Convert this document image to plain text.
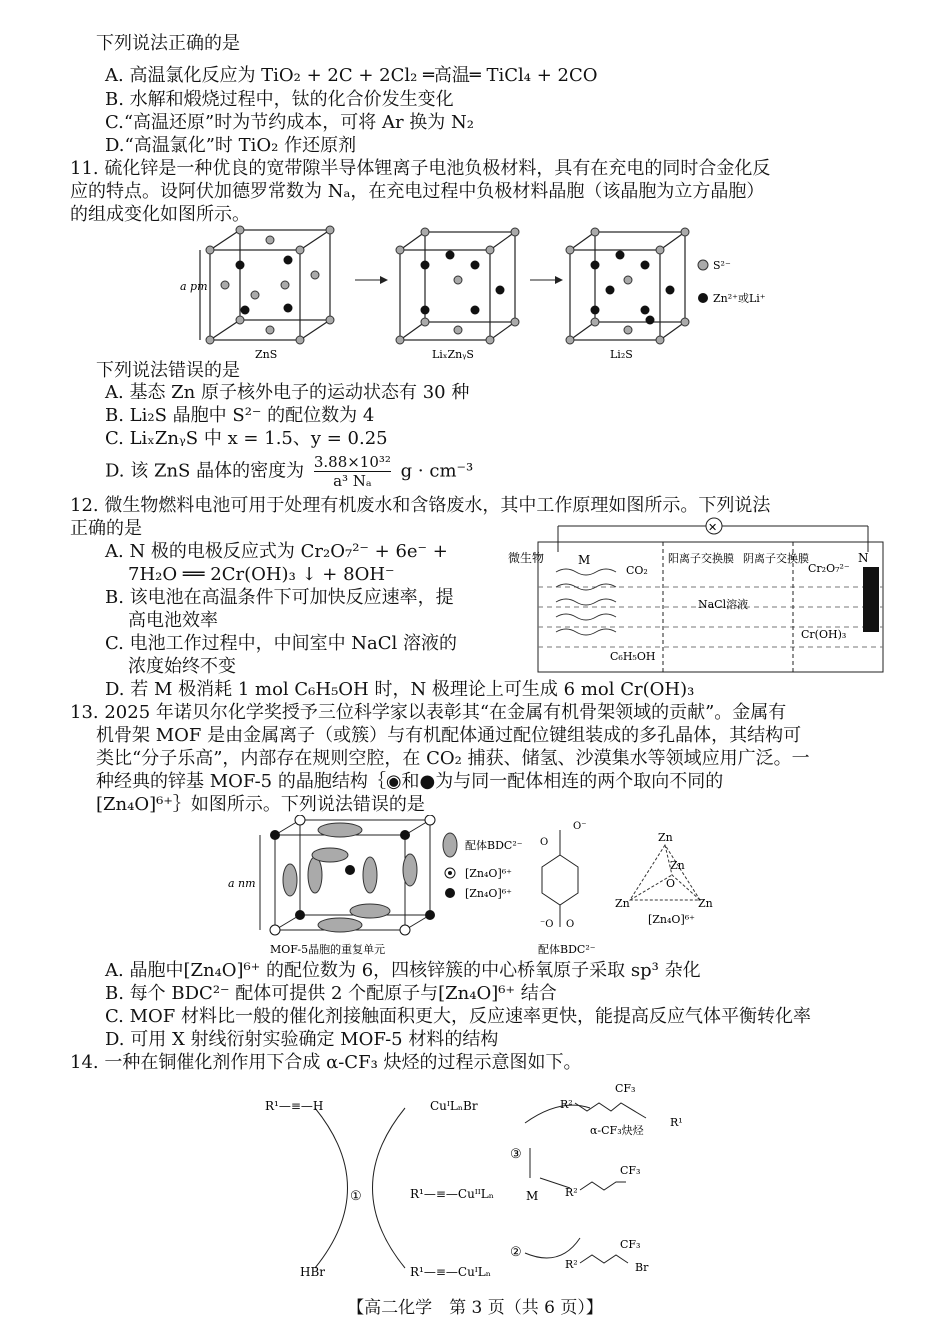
下列说法正确的是
A. 高温氯化反应为 TiO₂ + 2C + 2Cl₂ ═高温═ TiCl₄ + 2CO
B. 水解和煅烧过程中，钛的化合价发生变化
C.“高温还原”时为节约成本，可将 Ar 换为 N₂
D.“高温氯化”时 TiO₂ 作还原剂
11. 硫化锌是一种优良的宽带隙半导体锂离子电池负极材料，具有在充电的同时合金化反
应的特点。设阿伏加德罗常数为 Nₐ，在充电过程中负极材料晶胞（该晶胞为立方晶胞）
的组成变化如图所示。
a pm
ZnS	LiₓZnᵧS	Li₂S
S²⁻
Zn²⁺或Li⁺
下列说法错误的是
A. 基态 Zn 原子核外电子的运动状态有 30 种
B. Li₂S 晶胞中 S²⁻ 的配位数为 4
C. LiₓZnᵧS 中 x = 1.5、y = 0.25
D. 该 ZnS 晶体的密度为 $\frac{\text{3.88×10³²}}{\text{a³ Nₐ}}$ g · cm⁻³
12. 微生物燃料电池可用于处理有机废水和含铬废水，其中工作原理如图所示。下列说法
正确的是
A. N 极的电极反应式为 Cr₂O₇²⁻ + 6e⁻ +
7H₂O ══ 2Cr(OH)₃ ↓ + 8OH⁻
B. 该电池在高温条件下可加快反应速率，提
高电池效率
C. 电池工作过程中，中间室中 NaCl 溶液的
浓度始终不变
D. 若 M 极消耗 1 mol C₆H₅OH 时，N 极理论上可生成 6 mol Cr(OH)₃
✕
微生物	M	N
CO₂
C₆H₅OH
阳离子交换膜
NaCl溶液
阴离子交换膜
Cr₂O₇²⁻
Cr(OH)₃
13. 2025 年诺贝尔化学奖授予三位科学家以表彰其“在金属有机骨架领域的贡献”。金属有
机骨架 MOF 是由金属离子（或簇）与有机配体通过配位键组装成的多孔晶体，其结构可
类比“分子乐高”，内部存在规则空腔，在 CO₂ 捕获、储氢、沙漠集水等领域应用广泛。一
种经典的锌基 MOF-5 的晶胞结构｛◉和●为与同一配体相连的两个取向不同的
[Zn₄O]⁶⁺｝如图所示。下列说法错误的是
a nm
配体BDC²⁻
[Zn₄O]⁶⁺
[Zn₄O]⁶⁺
MOF-5晶胞的重复单元
O⁻
O
⁻O O
配体BDC²⁻
Zn
Zn
O
Zn	Zn
[Zn₄O]⁶⁺
A. 晶胞中[Zn₄O]⁶⁺ 的配位数为 6，四核锌簇的中心桥氧原子采取 sp³ 杂化
B. 每个 BDC²⁻ 配体可提供 2 个配原子与[Zn₄O]⁶⁺ 结合
C. MOF 材料比一般的催化剂接触面积更大，反应速率更快，能提高反应气体平衡转化率
D. 可用 X 射线衍射实验确定 MOF-5 材料的结构
14. 一种在铜催化剂作用下合成 α-CF₃ 炔烃的过程示意图如下。
R¹—≡—H	CuᴵLₙBr
R¹—≡—CuᴵᴵLₙ
HBr	R¹—≡—CuᴵLₙ
①
②
③
M
CF₃
R²
R¹
α-CF₃炔烃
CF₃
R²
CF₃
R²	Br
【高二化学　第 3 页（共 6 页）】
